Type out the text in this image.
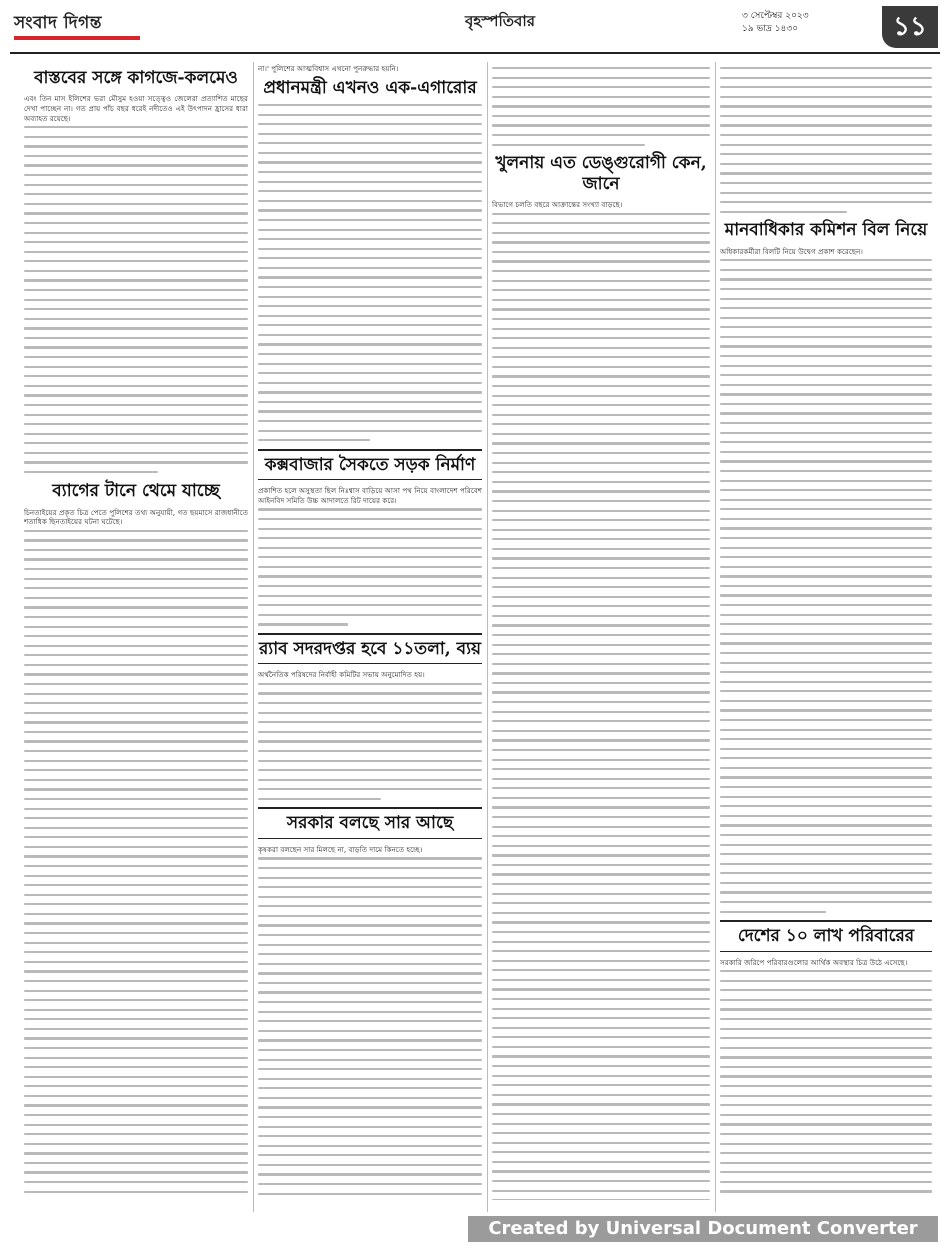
সংবাদ দিগন্ত	বৃহস্পতিবার	৩ সেপ্টেম্বর ২০২৩
১৯ ভাদ্র ১৪৩০	১১
বাস্তবের সঙ্গে কাগজে-কলমেও
এবং তিন মাস ইলিশের ভরা মৌসুম হওয়া সত্ত্বেও জেলেরা প্রত্যাশিত মাছের দেখা পাচ্ছেন না। গত প্রায় পাঁচ বছর ধরেই নদীতেও এই উৎপাদন হ্রাসের ধারা অব্যাহত রয়েছে।
ব্যাগের টানে থেমে যাচ্ছে
চিনতাইয়ের প্রকৃত চিত্র পেতে পুলিশের তথ্য অনুযায়ী, গত ছয়মাসে রাজধানীতে শতাধিক ছিনতাইয়ের ঘটনা ঘটেছে।
না।' পুলিশের আত্মবিশ্বাস এখনো পুনরুদ্ধার হয়নি।
প্রধানমন্ত্রী এখনও এক-এগারোর
কক্সবাজার সৈকতে সড়ক নির্মাণ
প্রকাশিত হলে অসুস্থতা ছিল নিঃশ্বাস বাড়িয়ে আসা পথ নিয়ে বাংলাদেশ পরিবেশ আইনবিদ সমিতি উচ্চ আদালতে রিট দায়ের করে।
র‍্যাব সদরদপ্তর হবে ১১তলা, ব্যয়
অর্থনৈতিক পরিষদের নির্বাহী কমিটির সভায় অনুমোদিত হয়।
সরকার বলছে সার আছে
কৃষকরা বলছেন সার মিলছে না, বাড়তি দামে কিনতে হচ্ছে।
খুলনায় এত ডেঙ্গুরোগী কেন, জানে
বিভাগে চলতি বছরে আক্রান্তের সংখ্যা বাড়ছে।
মানবাধিকার কমিশন বিল নিয়ে
অধিকারকর্মীরা বিলটি নিয়ে উদ্বেগ প্রকাশ করেছেন।
দেশের ১০ লাখ পরিবারের
সরকারি জরিপে পরিবারগুলোর আর্থিক অবস্থার চিত্র উঠে এসেছে।
Created by Universal Document Converter
